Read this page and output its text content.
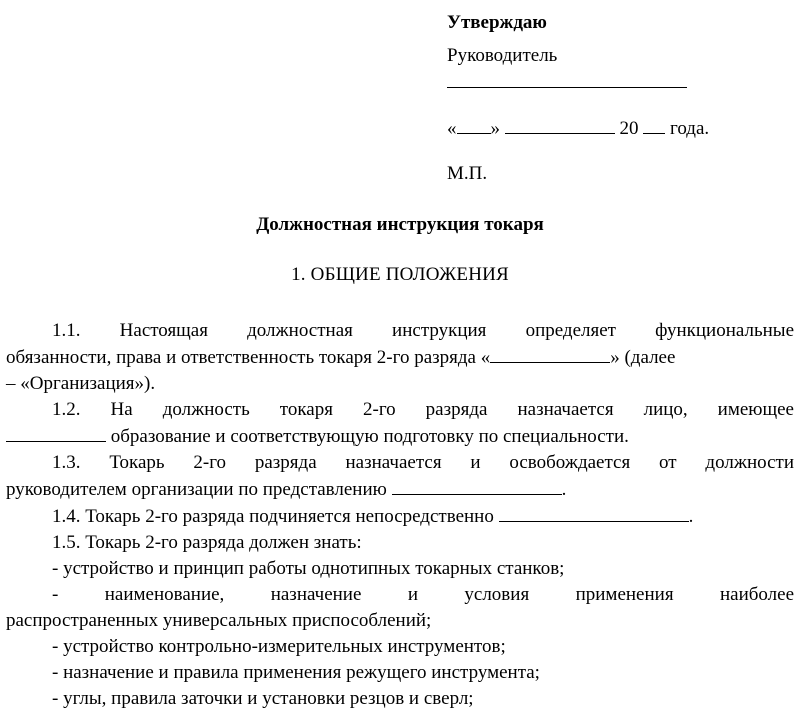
Утверждаю
Руководитель
« »	20 года.
М.П.
Должностная инструкция токаря
1. ОБЩИЕ ПОЛОЖЕНИЯ
1.1. Настоящая должностная инструкция определяет функциональные
обязанности, права и ответственность токаря 2-го разряда «	» (далее
– «Организация»).
1.2. На должность токаря 2-го разряда назначается лицо, имеющее
образование и соответствующую подготовку по специальности.
1.3. Токарь 2-го разряда назначается и освобождается от должности
руководителем организации по представлению	.
1.4. Токарь 2-го разряда подчиняется непосредственно	.
1.5. Токарь 2-го разряда должен знать:
- устройство и принцип работы однотипных токарных станков;
- наименование, назначение и условия применения наиболее
распространенных универсальных приспособлений;
- устройство контрольно-измерительных инструментов;
- назначение и правила применения режущего инструмента;
- углы, правила заточки и установки резцов и сверл;
